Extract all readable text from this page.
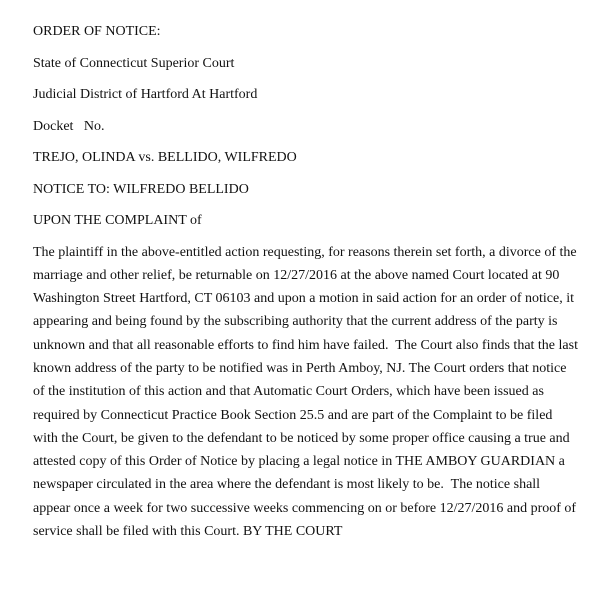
ORDER OF NOTICE:
State of Connecticut Superior Court
Judicial District of Hartford At Hartford
Docket   No.
TREJO, OLINDA vs. BELLIDO, WILFREDO
NOTICE TO: WILFREDO BELLIDO
UPON THE COMPLAINT of
The plaintiff in the above-entitled action requesting, for reasons therein set forth, a divorce of the
marriage and other relief, be returnable on 12/27/2016 at the above named Court located at 90
Washington Street Hartford, CT 06103 and upon a motion in said action for an order of notice, it
appearing and being found by the subscribing authority that the current address of the party is
unknown and that all reasonable efforts to find him have failed.  The Court also finds that the last
known address of the party to be notified was in Perth Amboy, NJ. The Court orders that notice
of the institution of this action and that Automatic Court Orders, which have been issued as
required by Connecticut Practice Book Section 25.5 and are part of the Complaint to be filed
with the Court, be given to the defendant to be noticed by some proper office causing a true and
attested copy of this Order of Notice by placing a legal notice in THE AMBOY GUARDIAN a
newspaper circulated in the area where the defendant is most likely to be.  The notice shall
appear once a week for two successive weeks commencing on or before 12/27/2016 and proof of
service shall be filed with this Court. BY THE COURT
